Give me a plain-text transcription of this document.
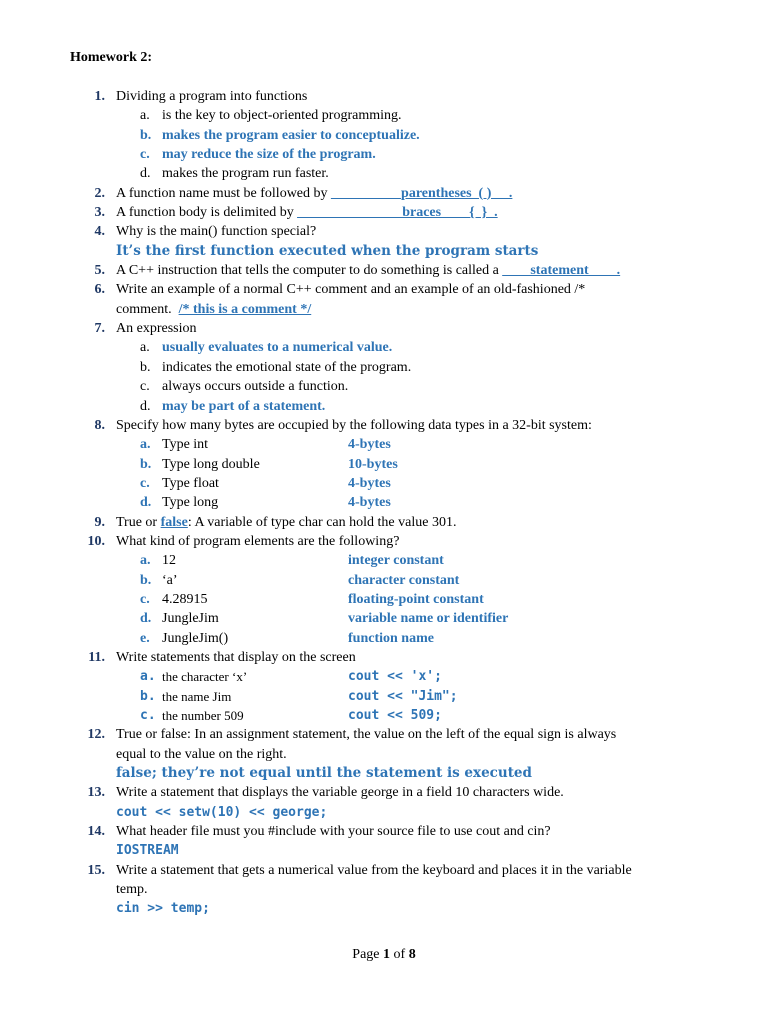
Homework 2:
1. Dividing a program into functions
a. is the key to object-oriented programming.
b. makes the program easier to conceptualize.
c. may reduce the size of the program.
d. makes the program run faster.
2. A function name must be followed by __________parentheses_( )__ .
3. A function body is delimited by _______________braces        {  }_.
4. Why is the main() function special?
It’s the first function executed when the program starts
5. A C++ instruction that tells the computer to do something is called a ____statement____.
6. Write an example of a normal C++ comment and an example of an old-fashioned /*
comment.  /* this is a comment */
7. An expression
a. usually evaluates to a numerical value.
b. indicates the emotional state of the program.
c. always occurs outside a function.
d. may be part of a statement.
8. Specify how many bytes are occupied by the following data types in a 32-bit system:
a. Type int	4-bytes
b. Type long double	10-bytes
c. Type float	4-bytes
d. Type long	4-bytes
9. True or false: A variable of type char can hold the value 301.
10. What kind of program elements are the following?
a. 12	integer constant
b. ‘a’	character constant
c. 4.28915	floating-point constant
d. JungleJim	variable name or identifier
e. JungleJim()	function name
11. Write statements that display on the screen
a. the character ‘x’	cout << 'x';
b. the name Jim	cout << "Jim";
c. the number 509	cout << 509;
12. True or false: In an assignment statement, the value on the left of the equal sign is always
equal to the value on the right.
false; they’re not equal until the statement is executed
13. Write a statement that displays the variable george in a field 10 characters wide.
cout << setw(10) << george;
14. What header file must you #include with your source file to use cout and cin?
IOSTREAM
15. Write a statement that gets a numerical value from the keyboard and places it in the variable
temp.
cin >> temp;
Page 1 of 8
